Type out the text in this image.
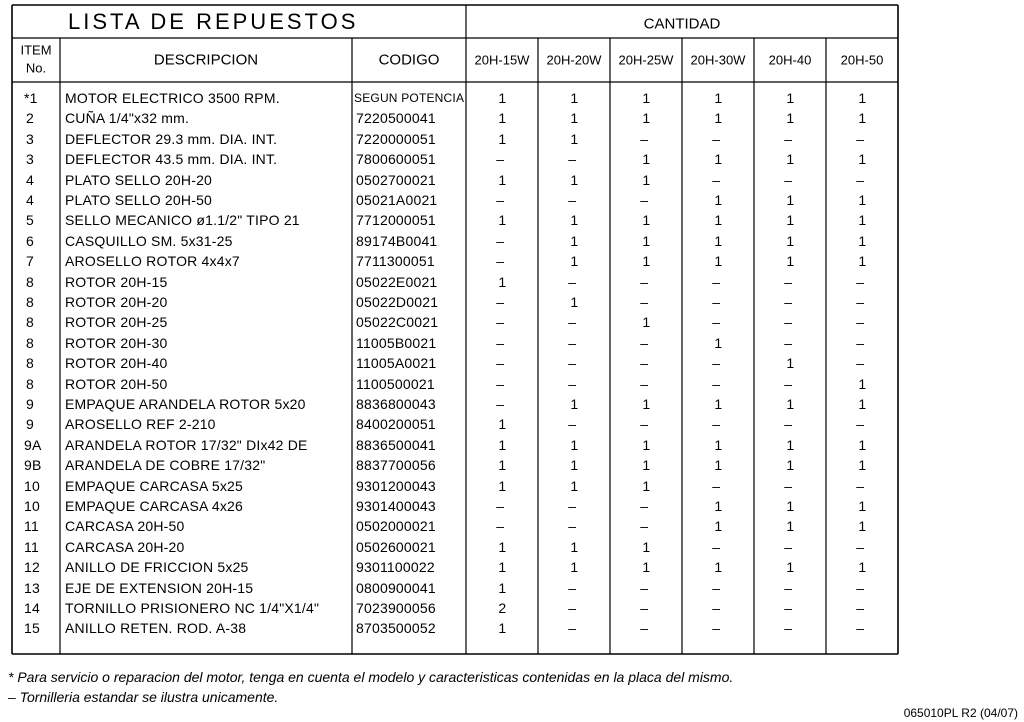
LISTA DE REPUESTOS	CANTIDAD
ITEM
No.	DESCRIPCION	CODIGO	20H-15W	20H-20W	20H-25W	20H-30W	20H-40	20H-50
*1 MOTOR ELECTRICO 3500 RPM.	SEGUN POTENCIA 1	1	1	1	1	1
2 CUÑA 1/4"x32 mm.	7220500041	1	1	1	1	1	1
3 DEFLECTOR 29.3 mm. DIA. INT.	7220000051	1	1	–	–	–	–
3 DEFLECTOR 43.5 mm. DIA. INT.	7800600051	–	–	1	1	1	1
4 PLATO SELLO 20H-20	0502700021	1	1	1	–	–	–
4 PLATO SELLO 20H-50	05021A0021	–	–	–	1	1	1
5 SELLO MECANICO ø1.1/2" TIPO 21	7712000051	1	1	1	1	1	1
6 CASQUILLO SM. 5x31-25	89174B0041	–	1	1	1	1	1
7 AROSELLO ROTOR 4x4x7	7711300051	–	1	1	1	1	1
8 ROTOR 20H-15	05022E0021	1	–	–	–	–	–
8 ROTOR 20H-20	05022D0021	–	1	–	–	–	–
8 ROTOR 20H-25	05022C0021	–	–	1	–	–	–
8 ROTOR 20H-30	11005B0021	–	–	–	1	–	–
8 ROTOR 20H-40	11005A0021	–	–	–	–	1	–
8 ROTOR 20H-50	1100500021	–	–	–	–	–	1
9 EMPAQUE ARANDELA ROTOR 5x20	8836800043	–	1	1	1	1	1
9 AROSELLO REF 2-210	8400200051	1	–	–	–	–	–
9A ARANDELA ROTOR 17/32" DIx42 DE	8836500041	1	1	1	1	1	1
9B ARANDELA DE COBRE 17/32"	8837700056	1	1	1	1	1	1
10 EMPAQUE CARCASA 5x25	9301200043	1	1	1	–	–	–
10 EMPAQUE CARCASA 4x26	9301400043	–	–	–	1	1	1
11 CARCASA 20H-50	0502000021	–	–	–	1	1	1
11 CARCASA 20H-20	0502600021	1	1	1	–	–	–
12 ANILLO DE FRICCION 5x25	9301100022	1	1	1	1	1	1
13 EJE DE EXTENSION 20H-15	0800900041	1	–	–	–	–	–
14 TORNILLO PRISIONERO NC 1/4"X1/4"	7023900056	2	–	–	–	–	–
15 ANILLO RETEN. ROD. A-38	8703500052	1	–	–	–	–	–
* Para servicio o reparacion del motor, tenga en cuenta el modelo y caracteristicas contenidas en la placa del mismo.
– Tornilleria estandar se ilustra unicamente.
065010PL R2 (04/07)
